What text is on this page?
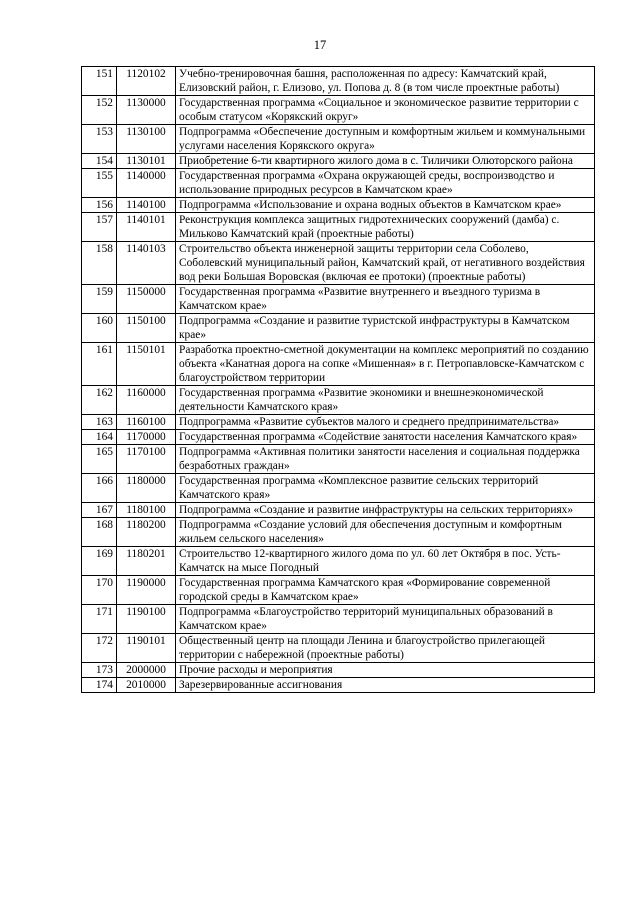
17
151	1120102	Учебно-тренировочная башня, расположенная по адресу: Камчатский край, Елизовский район, г. Елизово, ул. Попова д. 8 (в том числе проектные работы)
152	1130000	Государственная программа «Социальное и экономическое развитие территории с особым статусом «Корякский округ»
153	1130100	Подпрограмма «Обеспечение доступным и комфортным жильем и коммунальными услугами населения Корякского округа»
154	1130101	Приобретение 6-ти квартирного жилого дома в с. Тиличики Олюторского района
155	1140000	Государственная программа «Охрана окружающей среды, воспроизводство и использование природных ресурсов в Камчатском крае»
156	1140100	Подпрограмма «Использование и охрана водных объектов в Камчатском крае»
157	1140101	Реконструкция комплекса защитных гидротехнических сооружений (дамба) с. Мильково Камчатский край (проектные работы)
158	1140103	Строительство объекта инженерной защиты территории села Соболево, Соболевский муниципальный район, Камчатский край, от негативного воздействия вод реки Большая Воровская (включая ее протоки) (проектные работы)
159	1150000	Государственная программа «Развитие внутреннего и въездного туризма в Камчатском крае»
160	1150100	Подпрограмма «Создание и развитие туристской инфраструктуры в Камчатском крае»
161	1150101	Разработка проектно-сметной документации на комплекс мероприятий по созданию объекта «Канатная дорога на сопке «Мишенная» в г. Петропавловске-Камчатском с благоустройством территории
162	1160000	Государственная программа «Развитие экономики и внешнеэкономической деятельности Камчатского края»
163	1160100	Подпрограмма «Развитие субъектов малого и среднего предпринимательства»
164	1170000	Государственная программа «Содействие занятости населения Камчатского края»
165	1170100	Подпрограмма «Активная политики занятости населения и социальная поддержка безработных граждан»
166	1180000	Государственная программа «Комплексное развитие сельских территорий Камчатского края»
167	1180100	Подпрограмма «Создание и развитие инфраструктуры на сельских территориях»
168	1180200	Подпрограмма «Создание условий для обеспечения доступным и комфортным жильем сельского населения»
169	1180201	Строительство 12-квартирного жилого дома по ул. 60 лет Октября в пос. Усть-Камчатск на мысе Погодный
170	1190000	Государственная программа Камчатского края «Формирование современной городской среды в Камчатском крае»
171	1190100	Подпрограмма «Благоустройство территорий муниципальных образований в Камчатском крае»
172	1190101	Общественный центр на площади Ленина и благоустройство прилегающей территории с набережной (проектные работы)
173	2000000	Прочие расходы и мероприятия
174	2010000	Зарезервированные ассигнования
